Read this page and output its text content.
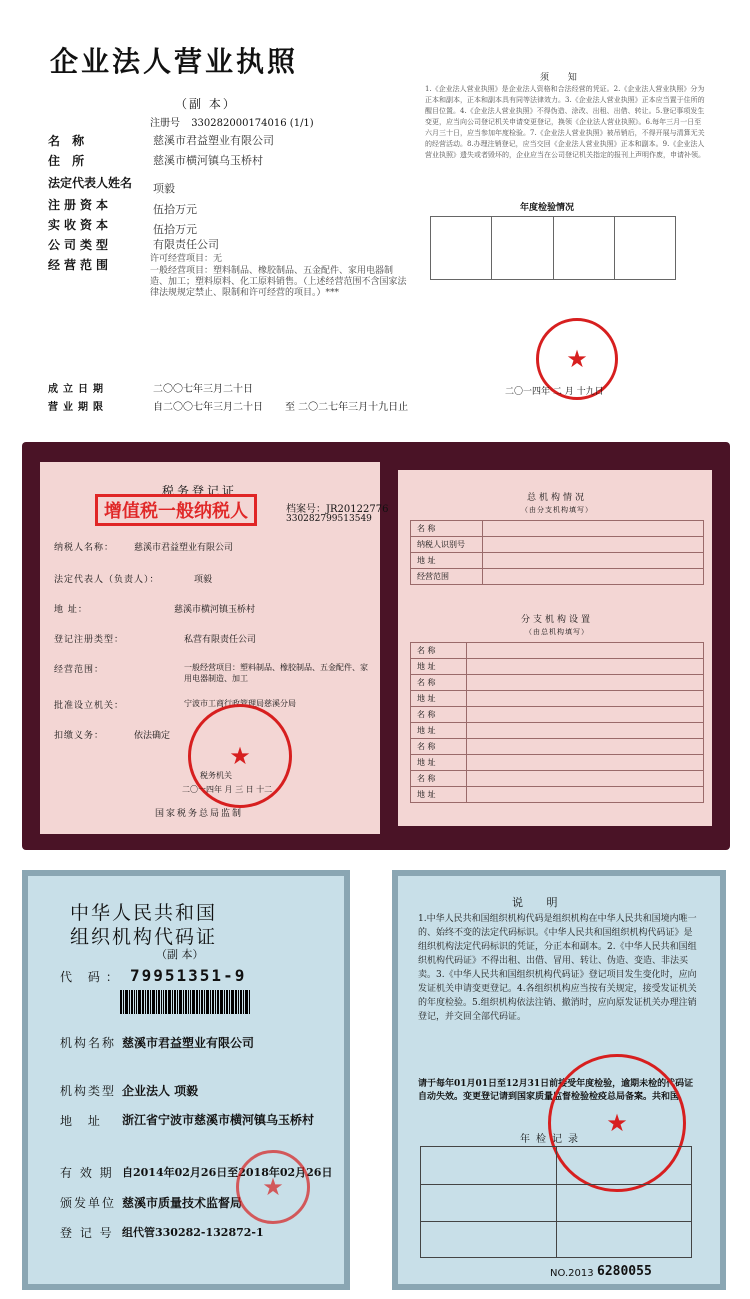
企业法人营业执照
（副 本）
注册号 330282000174016 (1/1)
名 称	慈溪市君益塑业有限公司
住 所	慈溪市横河镇乌玉桥村
法定代表人姓名	项毅
注册资本	伍拾万元
实收资本	伍拾万元
公司类型	有限责任公司
经营范围	许可经营项目：无
一般经营项目：塑料制品、橡胶制品、五金配件、家用电器制造、加工；塑料原料、化工原料销售。（上述经营范围不含国家法律法规规定禁止、限制和许可经营的项目。）***
须 知
1.《企业法人营业执照》是企业法人资格和合法经营的凭证。2.《企业法人营业执照》分为正本和副本，正本和副本具有同等法律效力。3.《企业法人营业执照》正本应当置于住所的醒目位置。4.《企业法人营业执照》不得伪造、涂改、出租、出借、转让。5.登记事项发生变更，应当向公司登记机关申请变更登记，换领《企业法人营业执照》。6.每年三月一日至六月三十日，应当参加年度检验。7.《企业法人营业执照》被吊销后，不得开展与清算无关的经营活动。8.办理注销登记，应当交回《企业法人营业执照》正本和副本。9.《企业法人营业执照》遗失或者毁坏的，企业应当在公司登记机关指定的报刊上声明作废，申请补领。
年度检验情况
★
二〇一四年 二 月 十九日
成立日期	二〇〇七年三月二十日
营业期限	自二〇〇七年三月二十日 至 二〇二七年三月十九日止
税务登记证
增值税一般纳税人	档案号：JR20122776
330282799513549
纳税人名称：	慈溪市君益塑业有限公司
法定代表人（负责人）：	项毅
地 址：	慈溪市横河镇玉桥村
登记注册类型：	私营有限责任公司
经营范围：	一般经营项目：塑料制品、橡胶制品、五金配件、家用电器制造、加工
批准设立机关：	宁波市工商行政管理局慈溪分局
扣缴义务：	依法确定
★
税务机关
二〇一四年 月 三 日 十二
国家税务总局监制
总机构情况
（由分支机构填写）
名 称	
纳税人识别号	
地 址	
经营范围	
分支机构设置
（由总机构填写）
名 称	
地 址	
名 称	
地 址	
名 称	
地 址	
名 称	
地 址	
名 称	
地 址	
中华人民共和国
组织机构代码证
（副 本）
代 码： 79951351-9
机构名称 慈溪市君益塑业有限公司
机构类型 企业法人 项毅
地 址	浙江省宁波市慈溪市横河镇乌玉桥村
有 效 期 自2014年02月26日至2018年02月26日
颁发单位 慈溪市质量技术监督局
登 记 号 组代管330282-132872-1
★
说 明
1.中华人民共和国组织机构代码是组织机构在中华人民共和国境内唯一的、始终不变的法定代码标识。《中华人民共和国组织机构代码证》是组织机构法定代码标识的凭证，分正本和副本。2.《中华人民共和国组织机构代码证》不得出租、出借、冒用、转让、伪造、变造、非法买卖。3.《中华人民共和国组织机构代码证》登记项目发生变化时，应向发证机关申请变更登记。4.各组织机构应当按有关规定，接受发证机关的年度检验。5.组织机构依法注销、撤消时，应向原发证机关办理注销登记，并交回全部代码证。
请于每年01月01日至12月31日前接受年度检验，逾期未检的代码证自动失效。变更登记请到国家质量监督检验检疫总局备案。共和国
★
年检记录
NO.2013 6280055
